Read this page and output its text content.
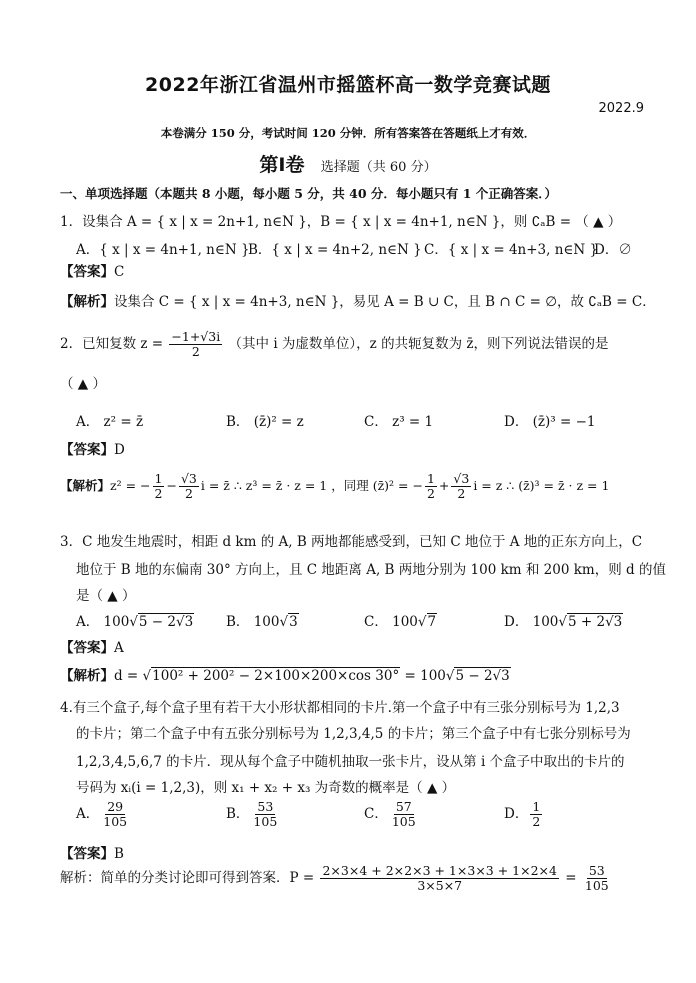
2022年浙江省温州市摇篮杯高一数学竞赛试题
2022.9
本卷满分 150 分，考试时间 120 分钟．所有答案答在答题纸上才有效．
第Ⅰ卷 选择题（共 60 分）
一、单项选择题（本题共 8 小题，每小题 5 分，共 40 分．每小题只有 1 个正确答案．）
1．设集合 A = { x | x = 2n+1, n∈N }，B = { x | x = 4n+1, n∈N }，则 ∁ₐB = （ ▲ ）
A．{ x | x = 4n+1, n∈N }
B．{ x | x = 4n+2, n∈N } C．{ x | x = 4n+3, n∈N }
D．∅
【答案】C
【解析】设集合 C = { x | x = 4n+3, n∈N }，易见 A = B ∪ C，且 B ∩ C = ∅，故 ∁ₐB = C．
2．已知复数 $z = \frac{-1+√3i}{2}$ （其中 i 为虚数单位），z 的共轭复数为 z̄，则下列说法错误的是
（ ▲ ）
A． z² = z̄	B． (z̄)² = z	C． z³ = 1	D． (z̄)³ = −1
【答案】D
【解析】z² = − $\frac{1}{2} - \frac{√3}{2}$ i = z̄ ∴ z³ = z̄ · z = 1 ，同理 (z̄)² = − $\frac{1}{2} + \frac{√3}{2}$ i = z ∴ (z̄)³ = z̄ · z = 1
3．C 地发生地震时，相距 d km 的 A, B 两地都能感受到，已知 C 地位于 A 地的正东方向上，C
地位于 B 地的东偏南 30° 方向上，且 C 地距离 A, B 两地分别为 100 km 和 200 km，则 d 的值
是（ ▲ ）
A． 100√5 − 2√3 B． 100√3	C． 100√7	D． 100√5 + 2√3
【答案】A
【解析】d = √100² + 200² − 2×100×200×cos 30° = 100√5 − 2√3
4.有三个盒子,每个盒子里有若干大小形状都相同的卡片.第一个盒子中有三张分别标号为 1,2,3
的卡片；第二个盒子中有五张分别标号为 1,2,3,4,5 的卡片；第三个盒子中有七张分别标号为
1,2,3,4,5,6,7 的卡片．现从每个盒子中随机抽取一张卡片，设从第 i 个盒子中取出的卡片的
号码为 xᵢ(i = 1,2,3)，则 x₁ + x₂ + x₃ 为奇数的概率是（ ▲ ）
A． $\frac{29}{105}$	B． $\frac{53}{105}$	C． $\frac{57}{105}$	D． $\frac{1}{2}$
【答案】B
解析：简单的分类讨论即可得到答案．$P = \frac{2\times 3\times 4 + 2\times 2\times 3 + 1\times 3\times 3 + 1\times 2\times 4}{3\times 5\times 7} = \frac{53}{105}$
